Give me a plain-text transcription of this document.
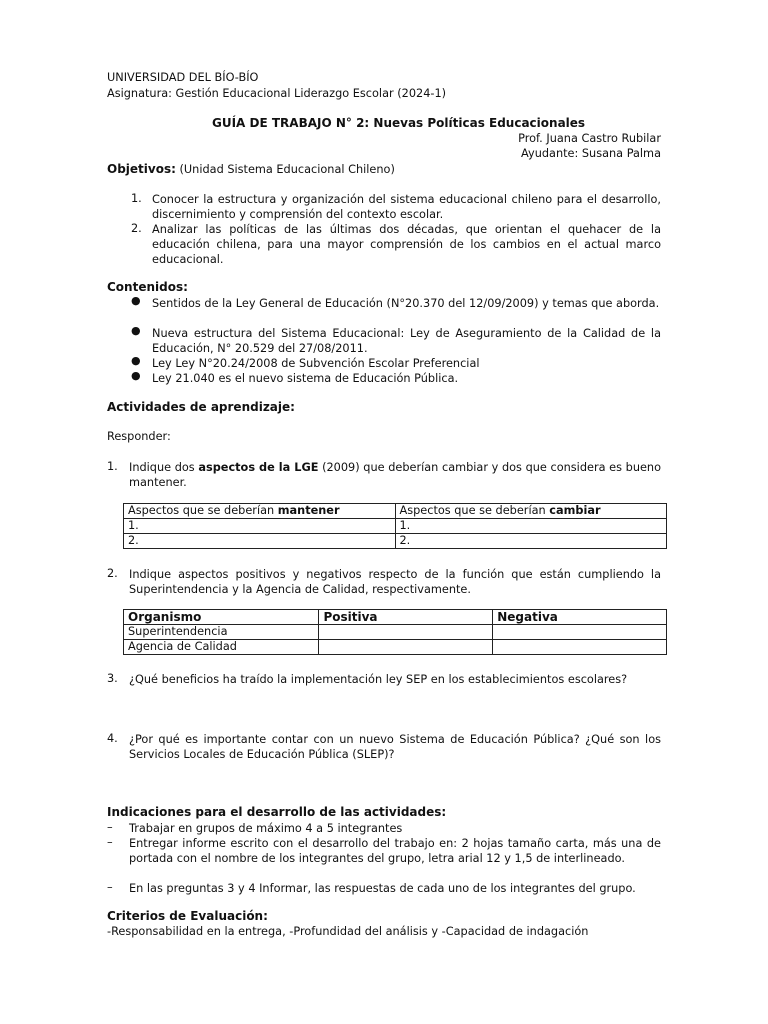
UNIVERSIDAD DEL BÍO-BÍO
Asignatura: Gestión Educacional Liderazgo Escolar (2024-1)
GUÍA DE TRABAJO N° 2: Nuevas Políticas Educacionales
Prof. Juana Castro Rubilar
Ayudante: Susana Palma
Objetivos: (Unidad Sistema Educacional Chileno)
1. Conocer la estructura y organización del sistema educacional chileno para el desarrollo, discernimiento y comprensión del contexto escolar.
2. Analizar las políticas de las últimas dos décadas, que orientan el quehacer de la educación chilena, para una mayor comprensión de los cambios en el actual marco educacional.
Contenidos:
● Sentidos de la Ley General de Educación (N°20.370 del 12/09/2009) y temas que aborda.
● Nueva estructura del Sistema Educacional: Ley de Aseguramiento de la Calidad de la Educación, N° 20.529 del 27/08/2011.
● Ley Ley N°20.24/2008 de Subvención Escolar Preferencial
● Ley 21.040 es el nuevo sistema de Educación Pública.
Actividades de aprendizaje:
Responder:
1. Indique dos aspectos de la LGE (2009) que deberían cambiar y dos que considera es bueno mantener.
Aspectos que se deberían mantener	Aspectos que se deberían cambiar
1.	1.
2.	2.
2. Indique aspectos positivos y negativos respecto de la función que están cumpliendo la Superintendencia y la Agencia de Calidad, respectivamente.
Organismo	Positiva	Negativa
Superintendencia		
Agencia de Calidad		
3. ¿Qué beneficios ha traído la implementación ley SEP en los establecimientos escolares?
4. ¿Por qué es importante contar con un nuevo Sistema de Educación Pública? ¿Qué son los Servicios Locales de Educación Pública (SLEP)?
Indicaciones para el desarrollo de las actividades:
– Trabajar en grupos de máximo 4 a 5 integrantes
– Entregar informe escrito con el desarrollo del trabajo en: 2 hojas tamaño carta, más una de portada con el nombre de los integrantes del grupo, letra arial 12 y 1,5 de interlineado.
– En las preguntas 3 y 4 Informar, las respuestas de cada uno de los integrantes del grupo.
Criterios de Evaluación:
-Responsabilidad en la entrega, -Profundidad del análisis y -Capacidad de indagación
